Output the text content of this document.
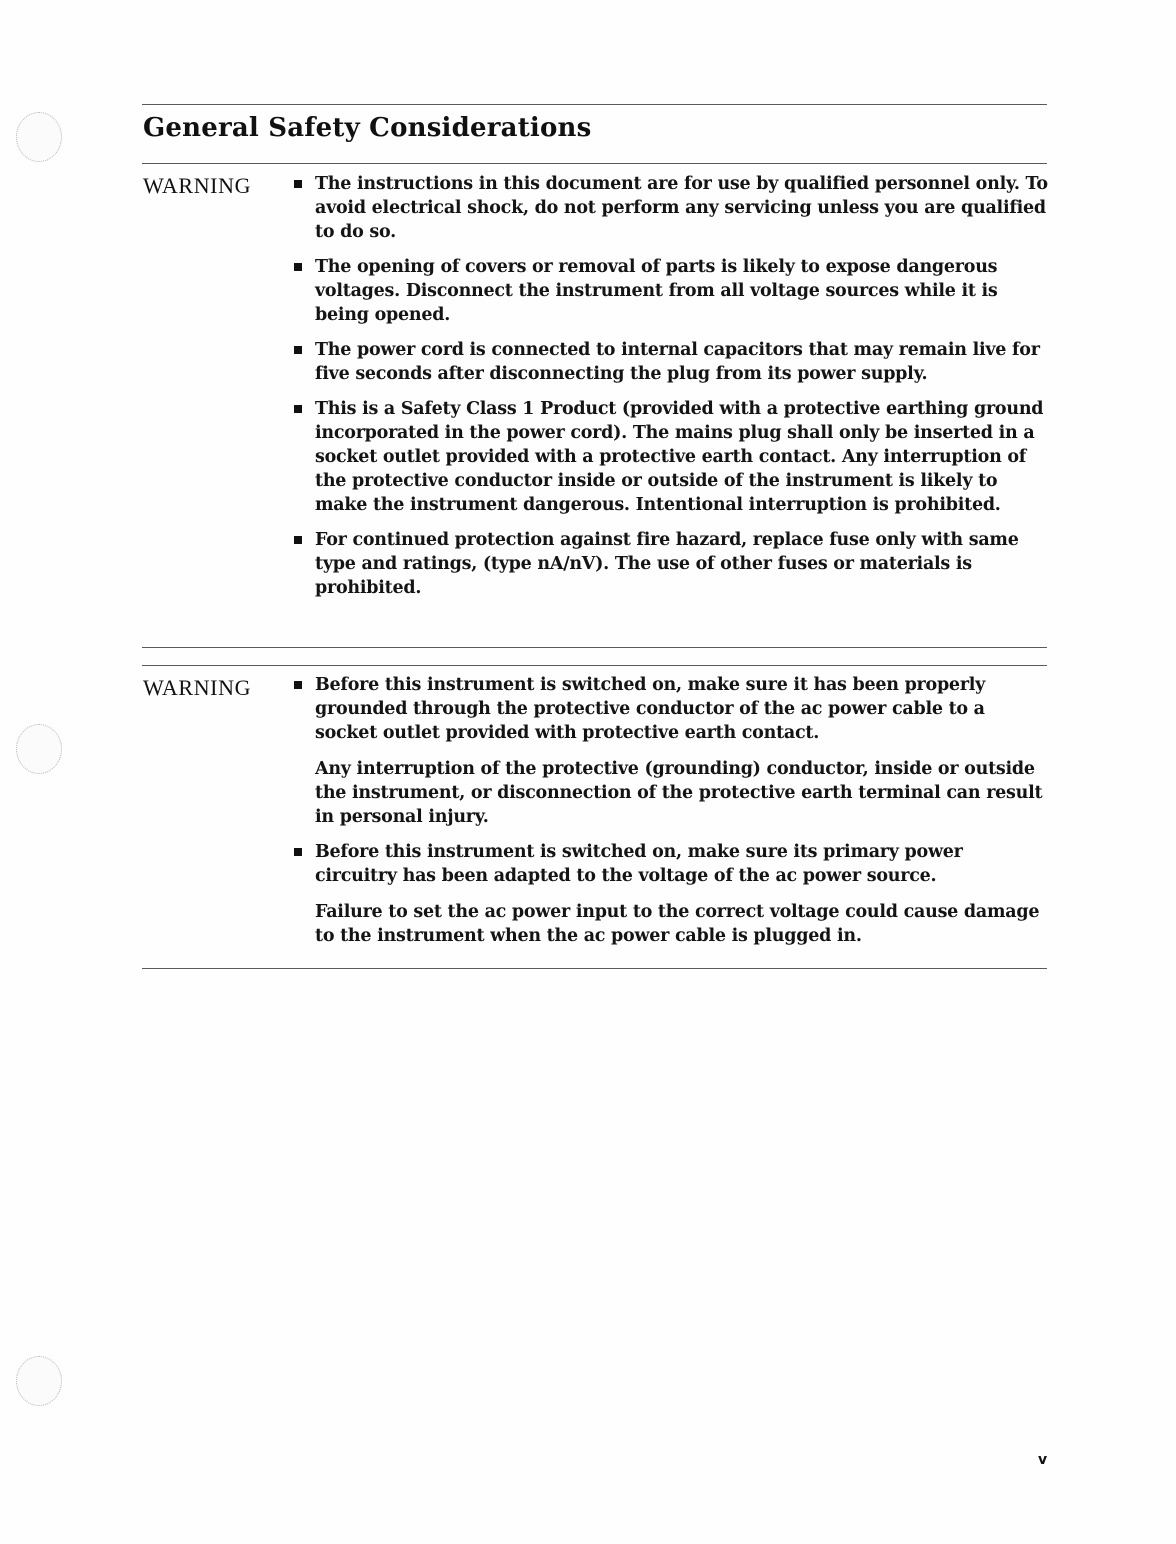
General Safety Considerations
WARNING	The instructions in this document are for use by qualified personnel only. To avoid electrical shock, do not perform any servicing unless you are qualified to do so.

The opening of covers or removal of parts is likely to expose dangerous voltages. Disconnect the instrument from all voltage sources while it is being opened.

The power cord is connected to internal capacitors that may remain live for five seconds after disconnecting the plug from its power supply.

This is a Safety Class 1 Product (provided with a protective earthing ground incorporated in the power cord). The mains plug shall only be inserted in a socket outlet provided with a protective earth contact. Any interruption of the protective conductor inside or outside of the instrument is likely to make the instrument dangerous. Intentional interruption is prohibited.

For continued protection against fire hazard, replace fuse only with same type and ratings, (type nA/nV). The use of other fuses or materials is prohibited.

WARNING	Before this instrument is switched on, make sure it has been properly grounded through the protective conductor of the ac power cable to a socket outlet provided with protective earth contact.

Any interruption of the protective (grounding) conductor, inside or outside the instrument, or disconnection of the protective earth terminal can result in personal injury.

Before this instrument is switched on, make sure its primary power circuitry has been adapted to the voltage of the ac power source.

Failure to set the ac power input to the correct voltage could cause damage to the instrument when the ac power cable is plugged in.

v
